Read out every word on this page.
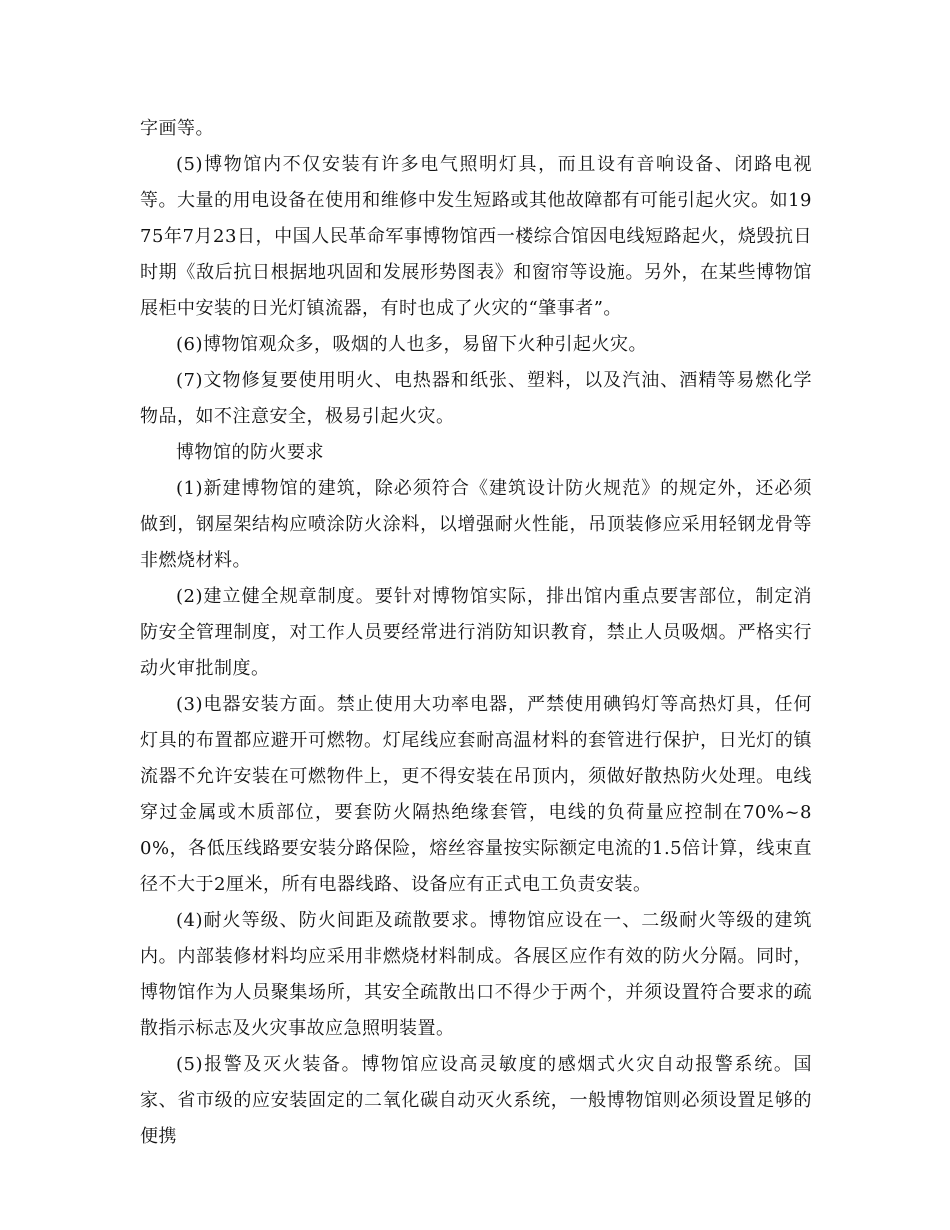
字画等。

(5)博物馆内不仅安装有许多电气照明灯具，而且设有音响设备、闭路电视等。大量的用电设备在使用和维修中发生短路或其他故障都有可能引起火灾。如1975年7月23日，中国人民革命军事博物馆西一楼综合馆因电线短路起火，烧毁抗日时期《敌后抗日根据地巩固和发展形势图表》和窗帘等设施。另外，在某些博物馆展柜中安装的日光灯镇流器，有时也成了火灾的“肇事者”。

(6)博物馆观众多，吸烟的人也多，易留下火种引起火灾。

(7)文物修复要使用明火、电热器和纸张、塑料，以及汽油、酒精等易燃化学物品，如不注意安全，极易引起火灾。

博物馆的防火要求

(1)新建博物馆的建筑，除必须符合《建筑设计防火规范》的规定外，还必须做到，钢屋架结构应喷涂防火涂料，以增强耐火性能，吊顶装修应采用轻钢龙骨等非燃烧材料。

(2)建立健全规章制度。要针对博物馆实际，排出馆内重点要害部位，制定消防安全管理制度，对工作人员要经常进行消防知识教育，禁止人员吸烟。严格实行动火审批制度。

(3)电器安装方面。禁止使用大功率电器，严禁使用碘钨灯等高热灯具，任何灯具的布置都应避开可燃物。灯尾线应套耐高温材料的套管进行保护，日光灯的镇流器不允许安装在可燃物件上，更不得安装在吊顶内，须做好散热防火处理。电线穿过金属或木质部位，要套防火隔热绝缘套管，电线的负荷量应控制在70%~80%，各低压线路要安装分路保险，熔丝容量按实际额定电流的1.5倍计算，线束直径不大于2厘米，所有电器线路、设备应有正式电工负责安装。

(4)耐火等级、防火间距及疏散要求。博物馆应设在一、二级耐火等级的建筑内。内部装修材料均应采用非燃烧材料制成。各展区应作有效的防火分隔。同时，博物馆作为人员聚集场所，其安全疏散出口不得少于两个，并须设置符合要求的疏散指示标志及火灾事故应急照明装置。

(5)报警及灭火装备。博物馆应设高灵敏度的感烟式火灾自动报警系统。国家、省市级的应安装固定的二氧化碳自动灭火系统，一般博物馆则必须设置足够的便携
